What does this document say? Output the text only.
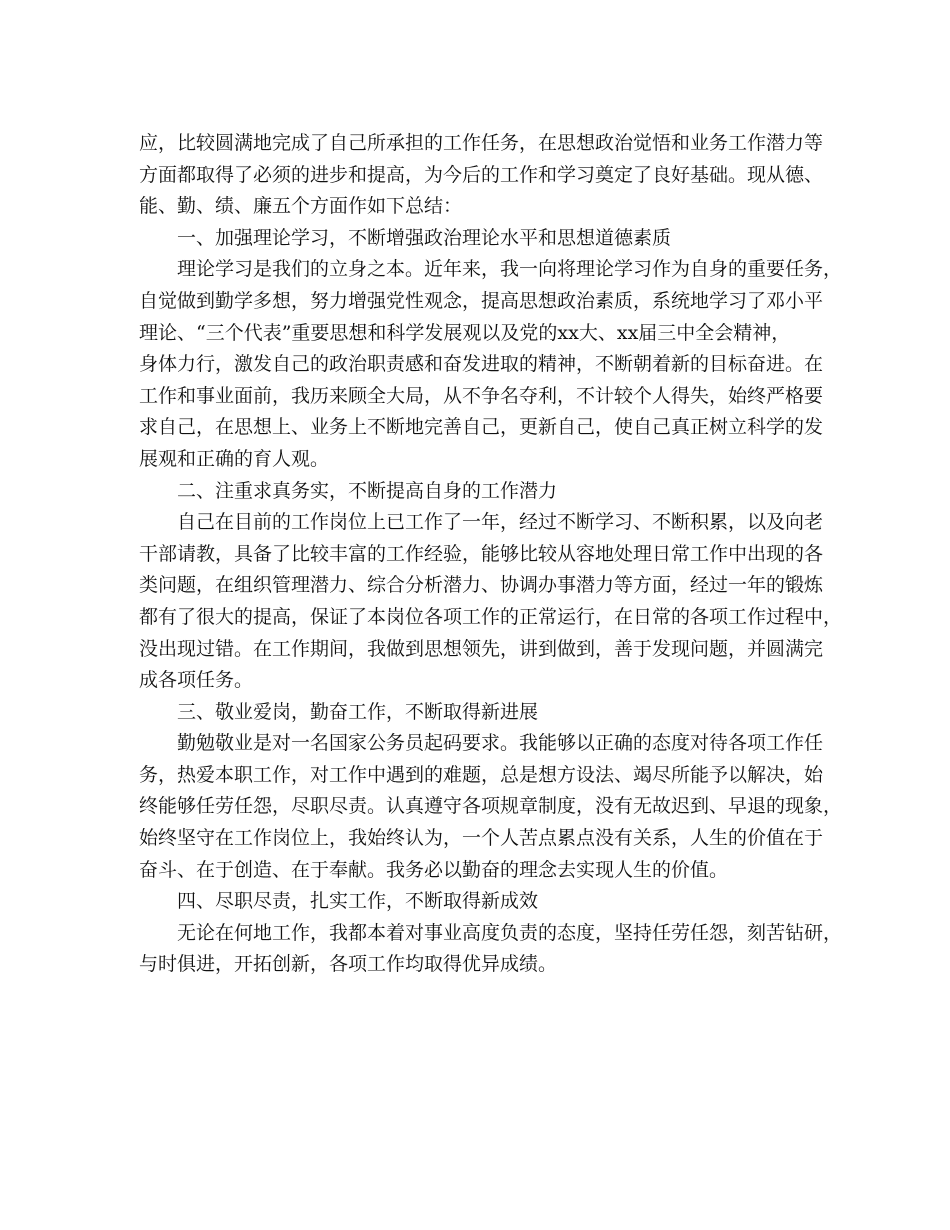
应，比较圆满地完成了自己所承担的工作任务，在思想政治觉悟和业务工作潜力等
方面都取得了必须的进步和提高，为今后的工作和学习奠定了良好基础。现从德、
能、勤、绩、廉五个方面作如下总结：
一、加强理论学习，不断增强政治理论水平和思想道德素质
理论学习是我们的立身之本。近年来，我一向将理论学习作为自身的重要任务，
自觉做到勤学多想，努力增强党性观念，提高思想政治素质，系统地学习了邓小平
理论、“三个代表”重要思想和科学发展观以及党的xx大、xx届三中全会精神，
身体力行，激发自己的政治职责感和奋发进取的精神，不断朝着新的目标奋进。在
工作和事业面前，我历来顾全大局，从不争名夺利，不计较个人得失，始终严格要
求自己，在思想上、业务上不断地完善自己，更新自己，使自己真正树立科学的发
展观和正确的育人观。
二、注重求真务实，不断提高自身的工作潜力
自己在目前的工作岗位上已工作了一年，经过不断学习、不断积累，以及向老
干部请教，具备了比较丰富的工作经验，能够比较从容地处理日常工作中出现的各
类问题，在组织管理潜力、综合分析潜力、协调办事潜力等方面，经过一年的锻炼
都有了很大的提高，保证了本岗位各项工作的正常运行，在日常的各项工作过程中，
没出现过错。在工作期间，我做到思想领先，讲到做到，善于发现问题，并圆满完
成各项任务。
三、敬业爱岗，勤奋工作，不断取得新进展
勤勉敬业是对一名国家公务员起码要求。我能够以正确的态度对待各项工作任
务，热爱本职工作，对工作中遇到的难题，总是想方设法、竭尽所能予以解决，始
终能够任劳任怨，尽职尽责。认真遵守各项规章制度，没有无故迟到、早退的现象，
始终坚守在工作岗位上，我始终认为，一个人苦点累点没有关系，人生的价值在于
奋斗、在于创造、在于奉献。我务必以勤奋的理念去实现人生的价值。
四、尽职尽责，扎实工作，不断取得新成效
无论在何地工作，我都本着对事业高度负责的态度，坚持任劳任怨，刻苦钻研，
与时俱进，开拓创新，各项工作均取得优异成绩。
